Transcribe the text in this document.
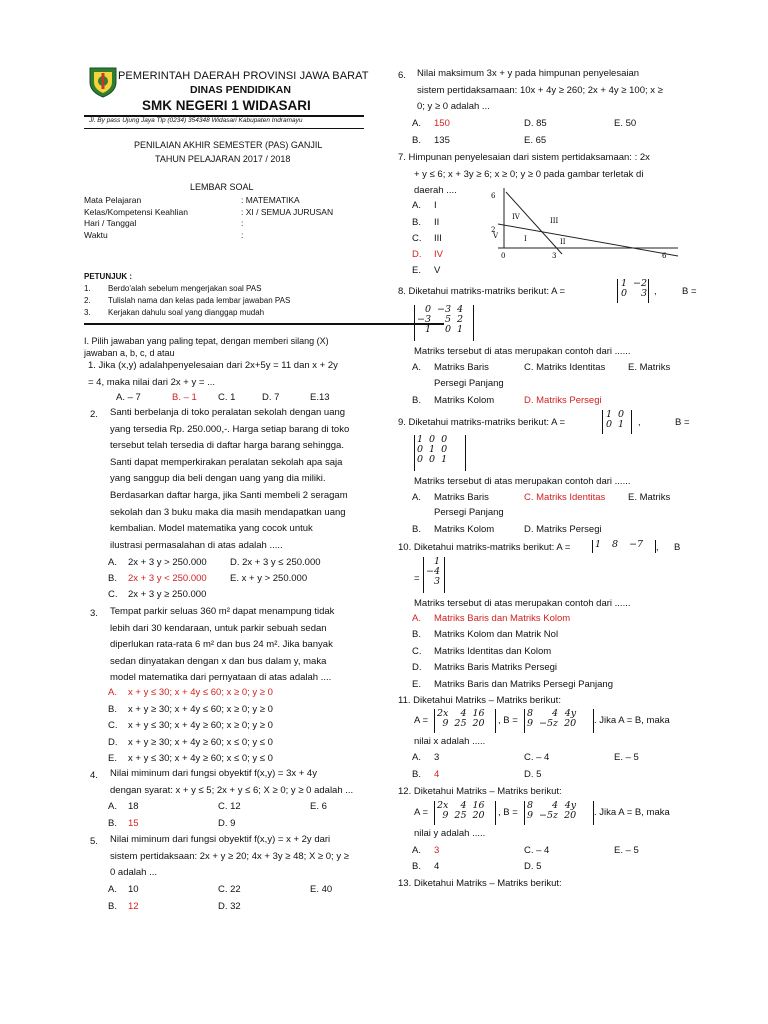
PEMERINTAH DAERAH PROVINSI JAWA BARAT
DINAS PENDIDIKAN
SMK NEGERI 1 WIDASARI
Jl. By pass Ujung Jaya Tlp (0234) 354348 Widasari Kabupaten Indramayu
PENILAIAN AKHIR SEMESTER (PAS) GANJIL
TAHUN PELAJARAN 2017 / 2018
LEMBAR SOAL
Mata Pelajaran	: MATEMATIKA
Kelas/Kompetensi Keahlian	: XI / SEMUA JURUSAN
Hari / Tanggal	:
Waktu	:
PETUNJUK :
1. Berdo'alah sebelum mengerjakan soal PAS
2. Tulislah nama dan kelas pada lembar jawaban PAS
3. Kerjakan dahulu soal yang dianggap mudah
I. Pilih jawaban yang paling tepat, dengan memberi silang (X)
jawaban a, b, c, d atau
1. Jika (x,y) adalahpenyelesaian dari 2x+5y = 11 dan x + 2y
= 4, maka nilai dari 2x + y = ...
A. – 7	B. – 1 C. 1	D. 7	E.13
2. Santi berbelanja di toko peralatan sekolah dengan uang
yang tersedia Rp. 250.000,-. Harga setiap barang di toko
tersebut telah tersedia di daftar harga barang sehingga.
Santi dapat memperkirakan peralatan sekolah apa saja
yang sanggup dia beli dengan uang yang dia miliki.
Berdasarkan daftar harga, jika Santi membeli 2 seragam
sekolah dan 3 buku maka dia masih mendapatkan uang
kembalian. Model matematika yang cocok untuk
ilustrasi permasalahan di atas adalah .....
A. 2x + 3 y > 250.000 D. 2x + 3 y ≤ 250.000
B. 2x + 3 y < 250.000 E. x + y > 250.000
C. 2x + 3 y ≥ 250.000
3. Tempat parkir seluas 360 m² dapat menampung tidak
lebih dari 30 kendaraan, untuk parkir sebuah sedan
diperlukan rata-rata 6 m² dan bus 24 m². Jika banyak
sedan dinyatakan dengan x dan bus dalam y, maka
model matematika dari pernyataan di atas adalah ....
A. x + y ≤ 30; x + 4y ≤ 60; x ≥ 0; y ≥ 0
B. x + y ≥ 30; x + 4y ≤ 60; x ≥ 0; y ≥ 0
C. x + y ≤ 30; x + 4y ≥ 60; x ≥ 0; y ≥ 0
D. x + y ≥ 30; x + 4y ≥ 60; x ≤ 0; y ≤ 0
E. x + y ≤ 30; x + 4y ≥ 60; x ≤ 0; y ≤ 0
4. Nilai miminum dari fungsi obyektif f(x,y) = 3x + 4y
dengan syarat: x + y ≤ 5; 2x + y ≤ 6; X ≥ 0; y ≥ 0 adalah ...
A. 18	C. 12	E. 6
B. 15	D. 9
5. Nilai miminum dari fungsi obyektif f(x,y) = x + 2y dari
sistem pertidaksaan: 2x + y ≥ 20; 4x + 3y ≥ 48; X ≥ 0; y ≥
0 adalah ...
A. 10	C. 22	E. 40
B. 12	D. 32
6. Nilai maksimum 3x + y pada himpunan penyelesaian
sistem pertidaksamaan: 10x + 4y ≥ 260; 2x + 4y ≥ 100; x ≥
0; y ≥ 0 adalah ...
A. 150	D. 85	E. 50
B. 135	E. 65
7. Himpunan penyelesaian dari sistem pertidaksamaan: : 2x
+ y ≤ 6; x + 3y ≥ 6; x ≥ 0; y ≥ 0 pada gambar terletak di
daerah ....
A. I
B. II
C. III
D. IV
E. V
6
2
0	3	6
IV	III
V	I	II
8. Diketahui matriks-matriks berikut: A =
1	−2
0	3 ,	B =
0	−3	4
−3	5	2
1	0	1
Matriks tersebut di atas merupakan contoh dari ......
A. Matriks Baris	C. Matriks Identitas E. Matriks
Persegi Panjang
B. Matriks Kolom	D. Matriks Persegi
9. Diketahui matriks-matriks berikut: A =
1	0
0	1 ,	B =
1	0	0
0	1	0
0	0	1
Matriks tersebut di atas merupakan contoh dari ......
A. Matriks Baris	C. Matriks Identitas E. Matriks
Persegi Panjang
B. Matriks Kolom	D. Matriks Persegi
10. Diketahui matriks-matriks berikut: A =	1	8	−7 , B
=
1
−4
3
Matriks tersebut di atas merupakan contoh dari ......
A. Matriks Baris dan Matriks Kolom
B. Matriks Kolom dan Matrik Nol
C. Matriks Identitas dan Kolom
D. Matriks Baris Matriks Persegi
E. Matriks Baris dan Matriks Persegi Panjang
11. Diketahui Matriks – Matriks berikut:
A =
2x	4	16
9	25	20 , B =
8	4	4y
9	−5z	20 . Jika A = B, maka
nilai x adalah .....
A. 3	C. – 4	E. – 5
B. 4	D. 5
12. Diketahui Matriks – Matriks berikut:
A =
2x	4	16
9	25	20 , B =
8	4	4y
9	−5z	20 . Jika A = B, maka
nilai y adalah .....
A. 3	C. – 4	E. – 5
B. 4	D. 5
13. Diketahui Matriks – Matriks berikut:
